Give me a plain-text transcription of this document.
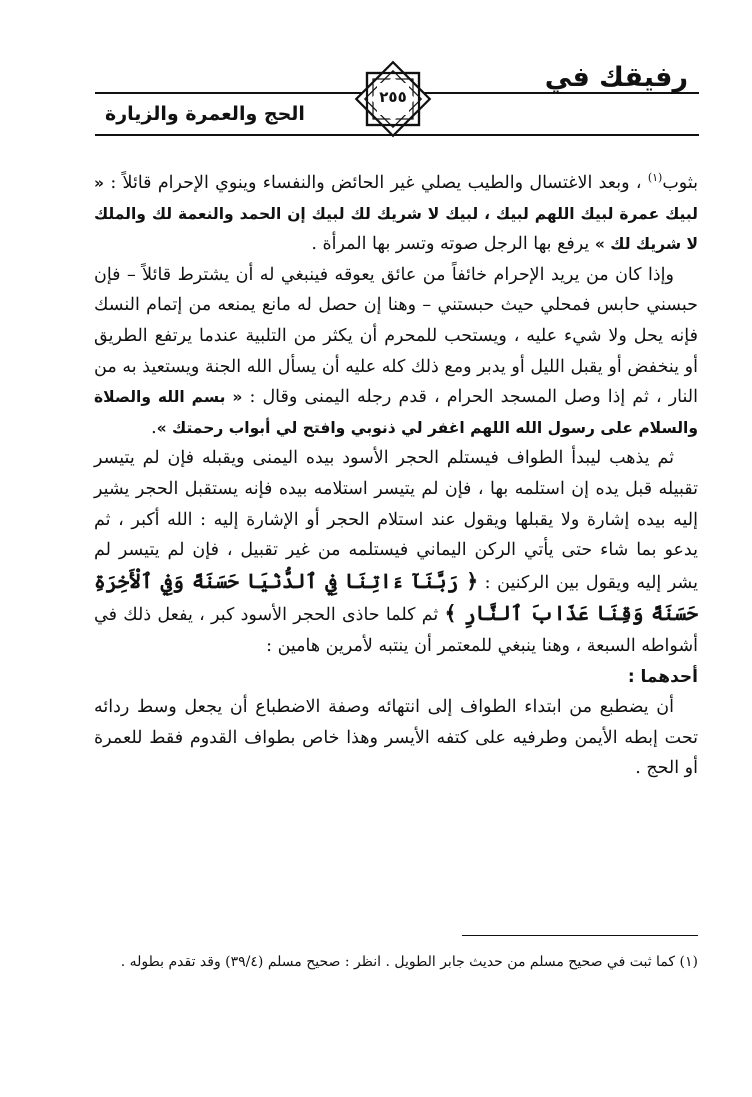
رفيقك في
الحج والعمرة والزيارة
٢٥٥

بثوب$^{(١)}$ ، وبعد الاغتسال والطيب يصلي غير الحائض والنفساء وينوي الإحرام قائلاً : « لبيك عمرة لبيك اللهم لبيك ، لبيك لا شريك لك لبيك إن الحمد والنعمة لك والملك لا شريك لك » يرفع بها الرجل صوته وتسر بها المرأة .

وإذا كان من يريد الإحرام خائفاً من عائق يعوقه فينبغي له أن يشترط قائلاً – فإن حبسني حابس فمحلي حيث حبستني – وهنا إن حصل له مانع يمنعه من إتمام النسك فإنه يحل ولا شيء عليه ، ويستحب للمحرم أن يكثر من التلبية عندما يرتفع الطريق أو ينخفض أو يقبل الليل أو يدبر ومع ذلك كله عليه أن يسأل الله الجنة ويستعيذ به من النار ، ثم إذا وصل المسجد الحرام ، قدم رجله اليمنى وقال : « بسم الله والصلاة والسلام على رسول الله اللهم اغفر لي ذنوبي وافتح لي أبواب رحمتك ».

ثم يذهب ليبدأ الطواف فيستلم الحجر الأسود بيده اليمنى ويقبله فإن لم يتيسر تقبيله قبل يده إن استلمه بها ، فإن لم يتيسر استلامه بيده فإنه يستقبل الحجر يشير إليه بيده إشارة ولا يقبلها ويقول عند استلام الحجر أو الإشارة إليه : الله أكبر ، ثم يدعو بما شاء حتى يأتي الركن اليماني فيستلمه من غير تقبيل ، فإن لم يتيسر لم يشر إليه ويقول بين الركنين : ﴿ رَبَّنَآ ءَاتِنَا فِي ٱلدُّنْيَا حَسَنَةً وَفِي ٱلْأَخِرَةِ حَسَنَةً وَقِنَا عَذَابَ ٱلنَّارِ ﴾ ثم كلما حاذى الحجر الأسود كبر ، يفعل ذلك في أشواطه السبعة ، وهنا ينبغي للمعتمر أن ينتبه لأمرين هامين :

أحدهما :

أن يضطبع من ابتداء الطواف إلى انتهائه وصفة الاضطباع أن يجعل وسط ردائه تحت إبطه الأيمن وطرفيه على كتفه الأيسر وهذا خاص بطواف القدوم فقط للعمرة أو الحج .

(١) كما ثبت في صحيح مسلم من حديث جابر الطويل . انظر : صحيح مسلم (٣٩/٤) وقد تقدم بطوله .
